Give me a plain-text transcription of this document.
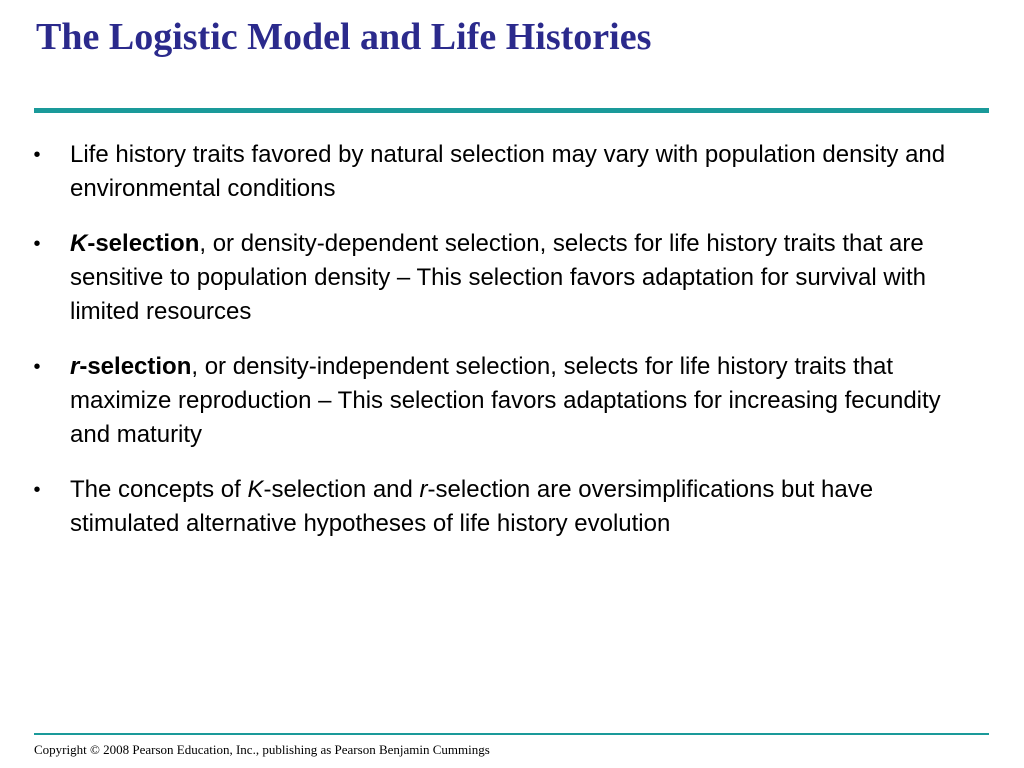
The Logistic Model and Life Histories
• Life history traits favored by natural selection may vary with population density and environmental conditions
• K-selection, or density-dependent selection, selects for life history traits that are sensitive to population density – This selection favors adaptation for survival with limited resources
• r-selection, or density-independent selection, selects for life history traits that maximize reproduction – This selection favors adaptations for increasing fecundity and maturity
• The concepts of K-selection and r-selection are oversimplifications but have stimulated alternative hypotheses of life history evolution
Copyright © 2008 Pearson Education, Inc., publishing as Pearson Benjamin Cummings
